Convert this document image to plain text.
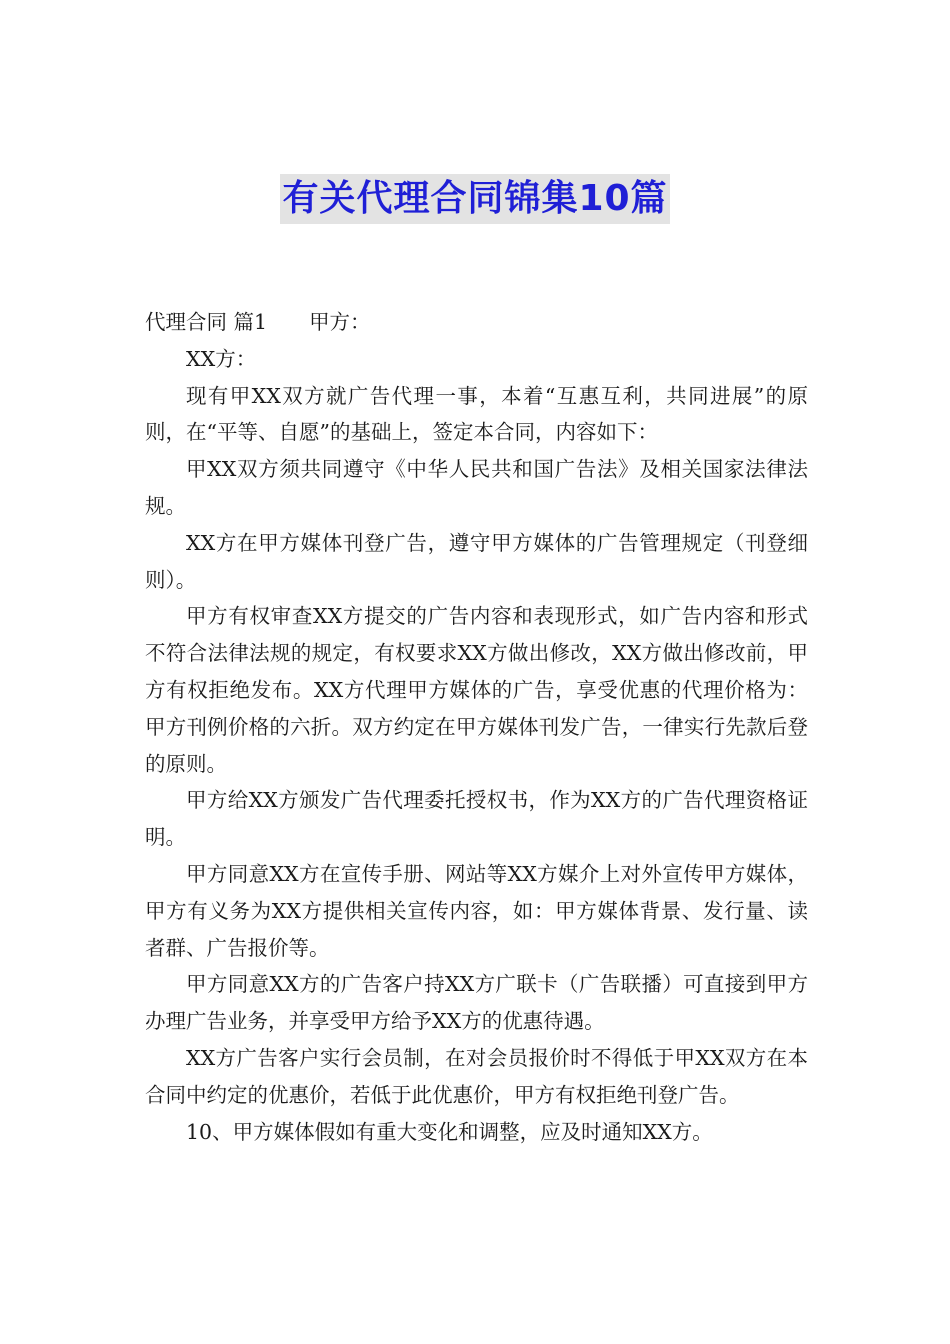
有关代理合同锦集10篇

代理合同 篇1 甲方：

XX方：

现有甲XX双方就广告代理一事，本着“互惠互利，共同进展”的原则，在“平等、自愿”的基础上，签定本合同，内容如下：

甲XX双方须共同遵守《中华人民共和国广告法》及相关国家法律法规。

XX方在甲方媒体刊登广告，遵守甲方媒体的广告管理规定（刊登细则）。

甲方有权审查XX方提交的广告内容和表现形式，如广告内容和形式不符合法律法规的规定，有权要求XX方做出修改，XX方做出修改前，甲方有权拒绝发布。XX方代理甲方媒体的广告，享受优惠的代理价格为：甲方刊例价格的六折。双方约定在甲方媒体刊发广告，一律实行先款后登的原则。

甲方给XX方颁发广告代理委托授权书，作为XX方的广告代理资格证明。

甲方同意XX方在宣传手册、网站等XX方媒介上对外宣传甲方媒体，甲方有义务为XX方提供相关宣传内容，如：甲方媒体背景、发行量、读者群、广告报价等。

甲方同意XX方的广告客户持XX方广联卡（广告联播）可直接到甲方办理广告业务，并享受甲方给予XX方的优惠待遇。

XX方广告客户实行会员制，在对会员报价时不得低于甲XX双方在本合同中约定的优惠价，若低于此优惠价，甲方有权拒绝刊登广告。

10、甲方媒体假如有重大变化和调整，应及时通知XX方。
